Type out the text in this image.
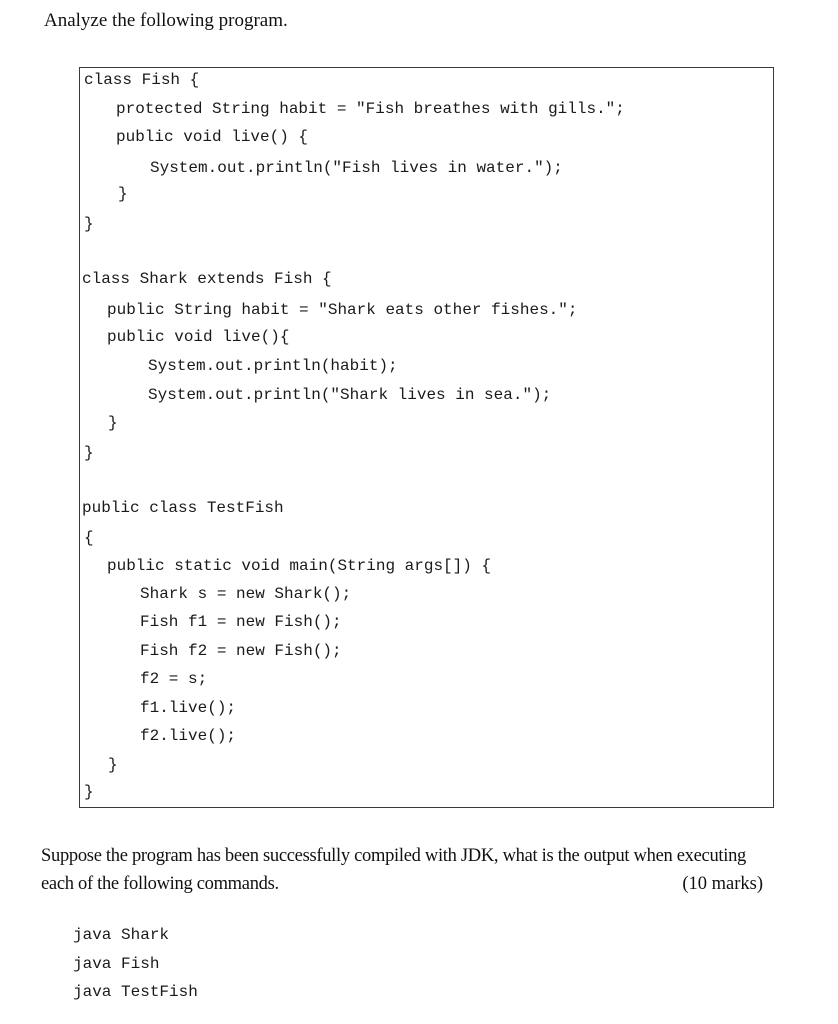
Analyze the following program.
class Fish {
protected String habit = "Fish breathes with gills.";
public void live() {
System.out.println("Fish lives in water.");
}
}
class Shark extends Fish {
public String habit = "Shark eats other fishes.";
public void live(){
System.out.println(habit);
System.out.println("Shark lives in sea.");
}
}
public class TestFish
{
public static void main(String args[]) {
Shark s = new Shark();
Fish f1 = new Fish();
Fish f2 = new Fish();
f2 = s;
f1.live();
f2.live();
}
}
Suppose the program has been successfully compiled with JDK, what is the output when executing each of the following commands.	(10 marks)
java Shark
java Fish
java TestFish
